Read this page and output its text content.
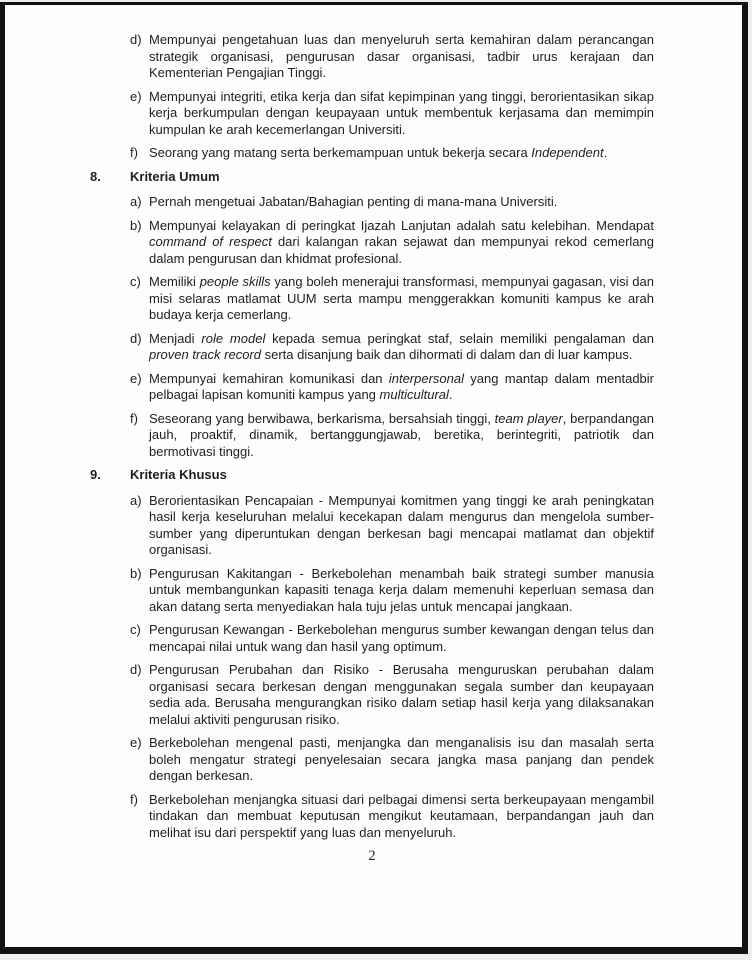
d) Mempunyai pengetahuan luas dan menyeluruh serta kemahiran dalam perancangan strategik organisasi, pengurusan dasar organisasi, tadbir urus kerajaan dan Kementerian Pengajian Tinggi.
e) Mempunyai integriti, etika kerja dan sifat kepimpinan yang tinggi, berorientasikan sikap kerja berkumpulan dengan keupayaan untuk membentuk kerjasama dan memimpin kumpulan ke arah kecemerlangan Universiti.
f) Seorang yang matang serta berkemampuan untuk bekerja secara Independent.
8.	Kriteria Umum
a) Pernah mengetuai Jabatan/Bahagian penting di mana-mana Universiti.
b) Mempunyai kelayakan di peringkat Ijazah Lanjutan adalah satu kelebihan. Mendapat command of respect dari kalangan rakan sejawat dan mempunyai rekod cemerlang dalam pengurusan dan khidmat profesional.
c) Memiliki people skills yang boleh menerajui transformasi, mempunyai gagasan, visi dan misi selaras matlamat UUM serta mampu menggerakkan komuniti kampus ke arah budaya kerja cemerlang.
d) Menjadi role model kepada semua peringkat staf, selain memiliki pengalaman dan proven track record serta disanjung baik dan dihormati di dalam dan di luar kampus.
e) Mempunyai kemahiran komunikasi dan interpersonal yang mantap dalam mentadbir pelbagai lapisan komuniti kampus yang multicultural.
f) Seseorang yang berwibawa, berkarisma, bersahsiah tinggi, team player, berpandangan jauh, proaktif, dinamik, bertanggungjawab, beretika, berintegriti, patriotik dan bermotivasi tinggi.
9.	Kriteria Khusus
a) Berorientasikan Pencapaian - Mempunyai komitmen yang tinggi ke arah peningkatan hasil kerja keseluruhan melalui kecekapan dalam mengurus dan mengelola sumber-sumber yang diperuntukan dengan berkesan bagi mencapai matlamat dan objektif organisasi.
b) Pengurusan Kakitangan - Berkebolehan menambah baik strategi sumber manusia untuk membangunkan kapasiti tenaga kerja dalam memenuhi keperluan semasa dan akan datang serta menyediakan hala tuju jelas untuk mencapai jangkaan.
c) Pengurusan Kewangan - Berkebolehan mengurus sumber kewangan dengan telus dan mencapai nilai untuk wang dan hasil yang optimum.
d) Pengurusan Perubahan dan Risiko - Berusaha menguruskan perubahan dalam organisasi secara berkesan dengan menggunakan segala sumber dan keupayaan sedia ada. Berusaha mengurangkan risiko dalam setiap hasil kerja yang dilaksanakan melalui aktiviti pengurusan risiko.
e) Berkebolehan mengenal pasti, menjangka dan menganalisis isu dan masalah serta boleh mengatur strategi penyelesaian secara jangka masa panjang dan pendek dengan berkesan.
f) Berkebolehan menjangka situasi dari pelbagai dimensi serta berkeupayaan mengambil tindakan dan membuat keputusan mengikut keutamaan, berpandangan jauh dan melihat isu dari perspektif yang luas dan menyeluruh.
2
